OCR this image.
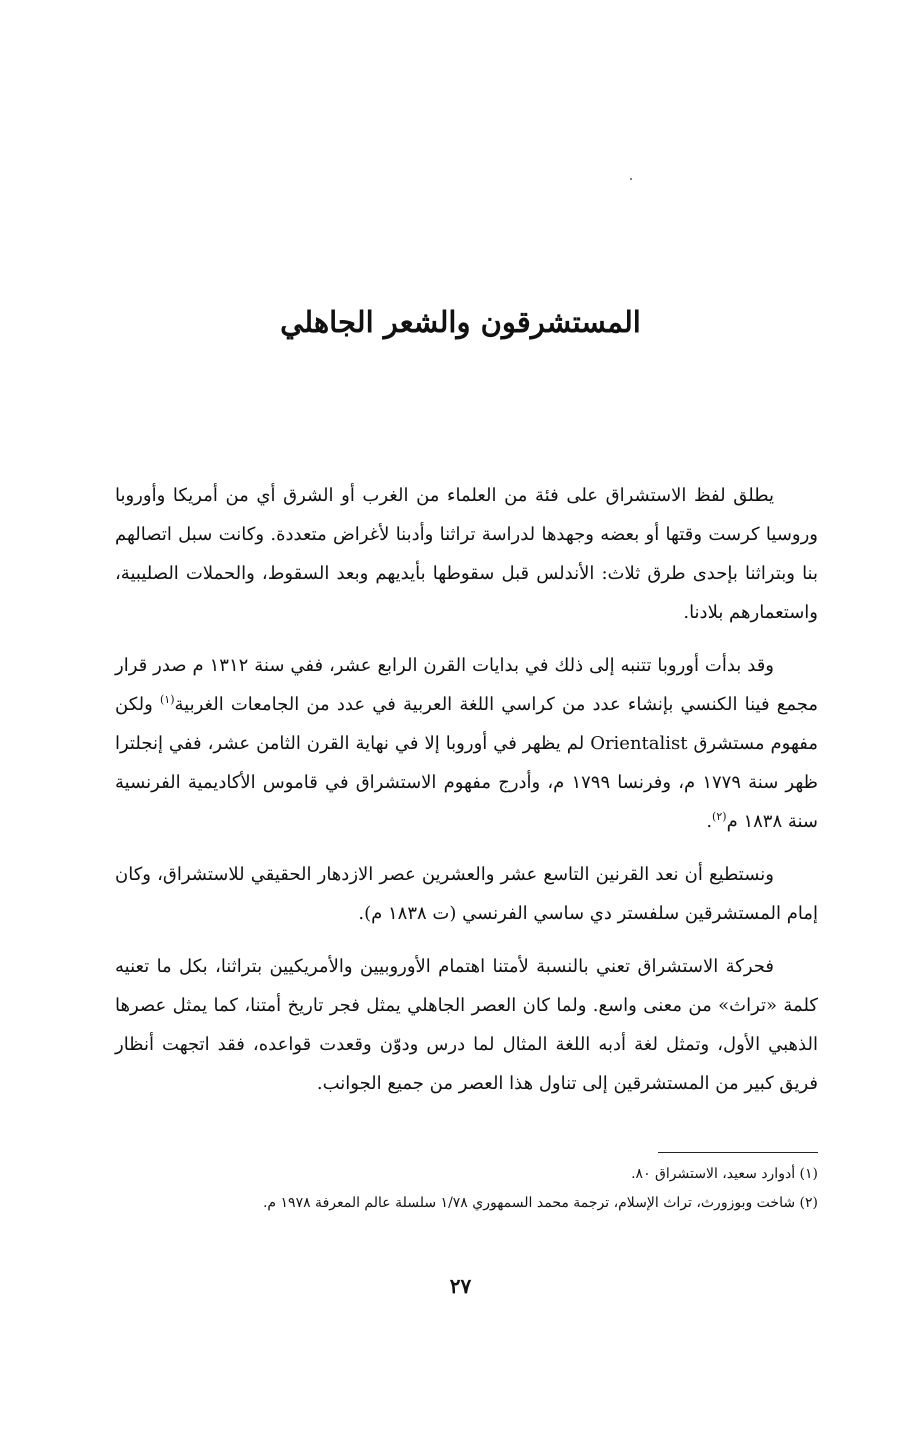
المستشرقون والشعر الجاهلي

يطلق لفظ الاستشراق على فئة من العلماء من الغرب أو الشرق أي من أمريكا وأوروبا وروسيا كرست وقتها أو بعضه وجهدها لدراسة تراثنا وأدبنا لأغراض متعددة. وكانت سبل اتصالهم بنا وبتراثنا بإحدى طرق ثلاث: الأندلس قبل سقوطها بأيديهم وبعد السقوط، والحملات الصليبية، واستعمارهم بلادنا.

وقد بدأت أوروبا تتنبه إلى ذلك في بدايات القرن الرابع عشر، ففي سنة ١٣١٢ م صدر قرار مجمع فينا الكنسي بإنشاء عدد من كراسي اللغة العربية في عدد من الجامعات الغربية$^{(١)}$ ولكن مفهوم مستشرق Orientalist لم يظهر في أوروبا إلا في نهاية القرن الثامن عشر، ففي إنجلترا ظهر سنة ١٧٧٩ م، وفرنسا ١٧٩٩ م، وأدرج مفهوم الاستشراق في قاموس الأكاديمية الفرنسية سنة ١٨٣٨ م$^{(٢)}$.

ونستطيع أن نعد القرنين التاسع عشر والعشرين عصر الازدهار الحقيقي للاستشراق، وكان إمام المستشرقين سلفستر دي ساسي الفرنسي (ت ١٨٣٨ م).

فحركة الاستشراق تعني بالنسبة لأمتنا اهتمام الأوروبيين والأمريكيين بتراثنا، بكل ما تعنيه كلمة «تراث» من معنى واسع. ولما كان العصر الجاهلي يمثل فجر تاريخ أمتنا، كما يمثل عصرها الذهبي الأول، وتمثل لغة أدبه اللغة المثال لما درس ودوّن وقعدت قواعده، فقد اتجهت أنظار فريق كبير من المستشرقين إلى تناول هذا العصر من جميع الجوانب.

(١) أدوارد سعيد، الاستشراق ٨٠.

(٢) شاخت وبوزورث، تراث الإسلام، ترجمة محمد السمهوري ١/٧٨ سلسلة عالم المعرفة ١٩٧٨ م.

٢٧
